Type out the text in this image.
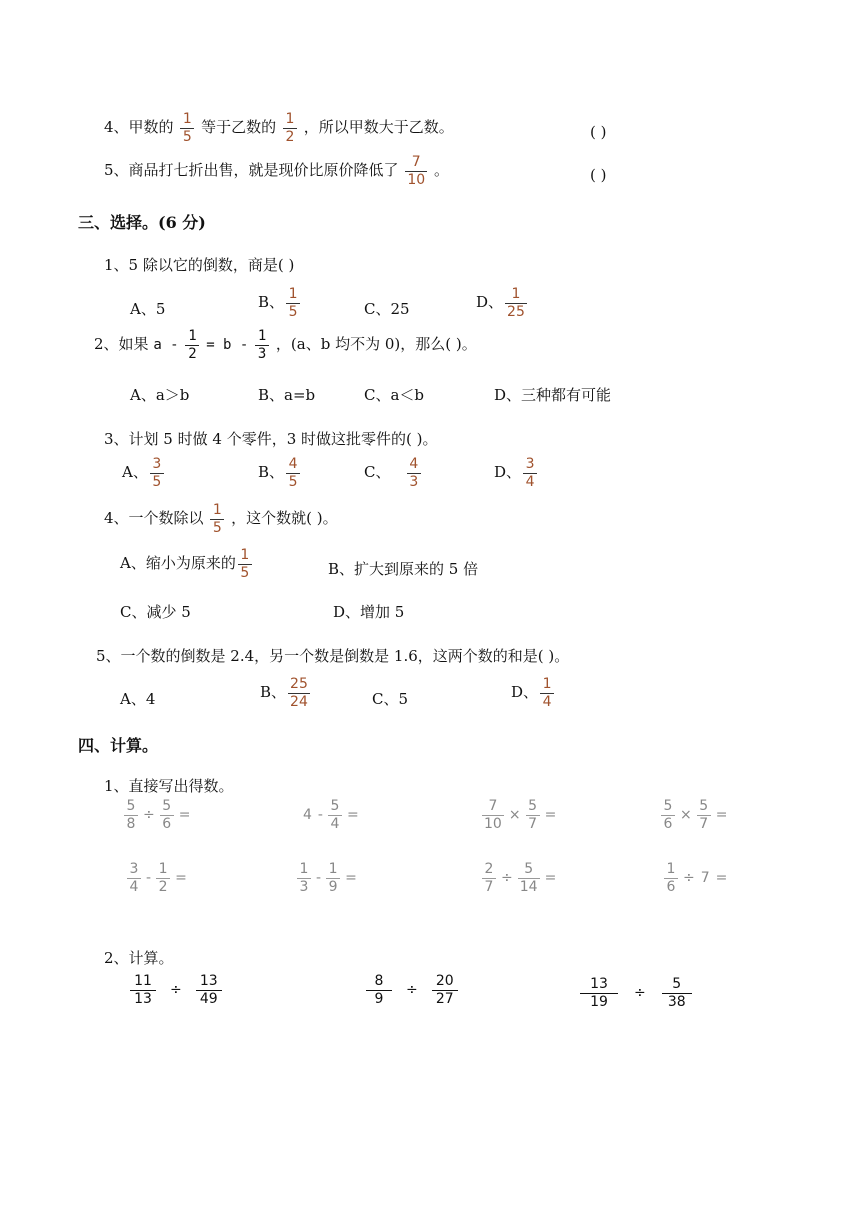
4、甲数的 $\frac{1}{5}$ 等于乙数的 $\frac{1}{2}$ ，所以甲数大于乙数。	( )
5、商品打七折出售，就是现价比原价降低了 $\frac{7}{10}$ 。	( )
三、选择。(6 分)
1、5 除以它的倒数，商是( )
A、5	B、 $\frac{1}{5}$	C、25	D、 $\frac{1}{25}$
2、如果 $a - \frac{1}{2} = b - \frac{1}{3}$ ，(a、b 均不为 0)，那么( )。
A、a＞b	B、a=b	C、a＜b	D、三种都有可能
3、计划 5 时做 4 个零件，3 时做这批零件的( )。
A、 $\frac{3}{5}$	B、 $\frac{4}{5}$	C、 $\frac{4}{3}$	D、 $\frac{3}{4}$
4、一个数除以 $\frac{1}{5}$ ，这个数就( )。
A、缩小为原来的 $\frac{1}{5}$	B、扩大到原来的 5 倍
C、减少 5	D、增加 5
5、一个数的倒数是 2.4，另一个数是倒数是 1.6，这两个数的和是( )。
A、4	B、 $\frac{25}{24}$	C、5	D、 $\frac{1}{4}$
四、计算。
1、直接写出得数。
$\frac{5}{8} \div \frac{5}{6}$ =	$4 - \frac{5}{4}$ =	$\frac{7}{10} \times \frac{5}{7}$ =	$\frac{5}{6} \times \frac{5}{7}$ =
$\frac{3}{4} - \frac{1}{2}$ =	$\frac{1}{3} - \frac{1}{9}$ =	$\frac{2}{7} \div \frac{5}{14}$ =	$\frac{1}{6} \div 7$ =
2、计算。
$\frac{11}{13} \div \frac{13}{49}$	$\frac{8}{9} \div \frac{20}{27}$	$\frac{13}{19} \div \frac{5}{38}$
